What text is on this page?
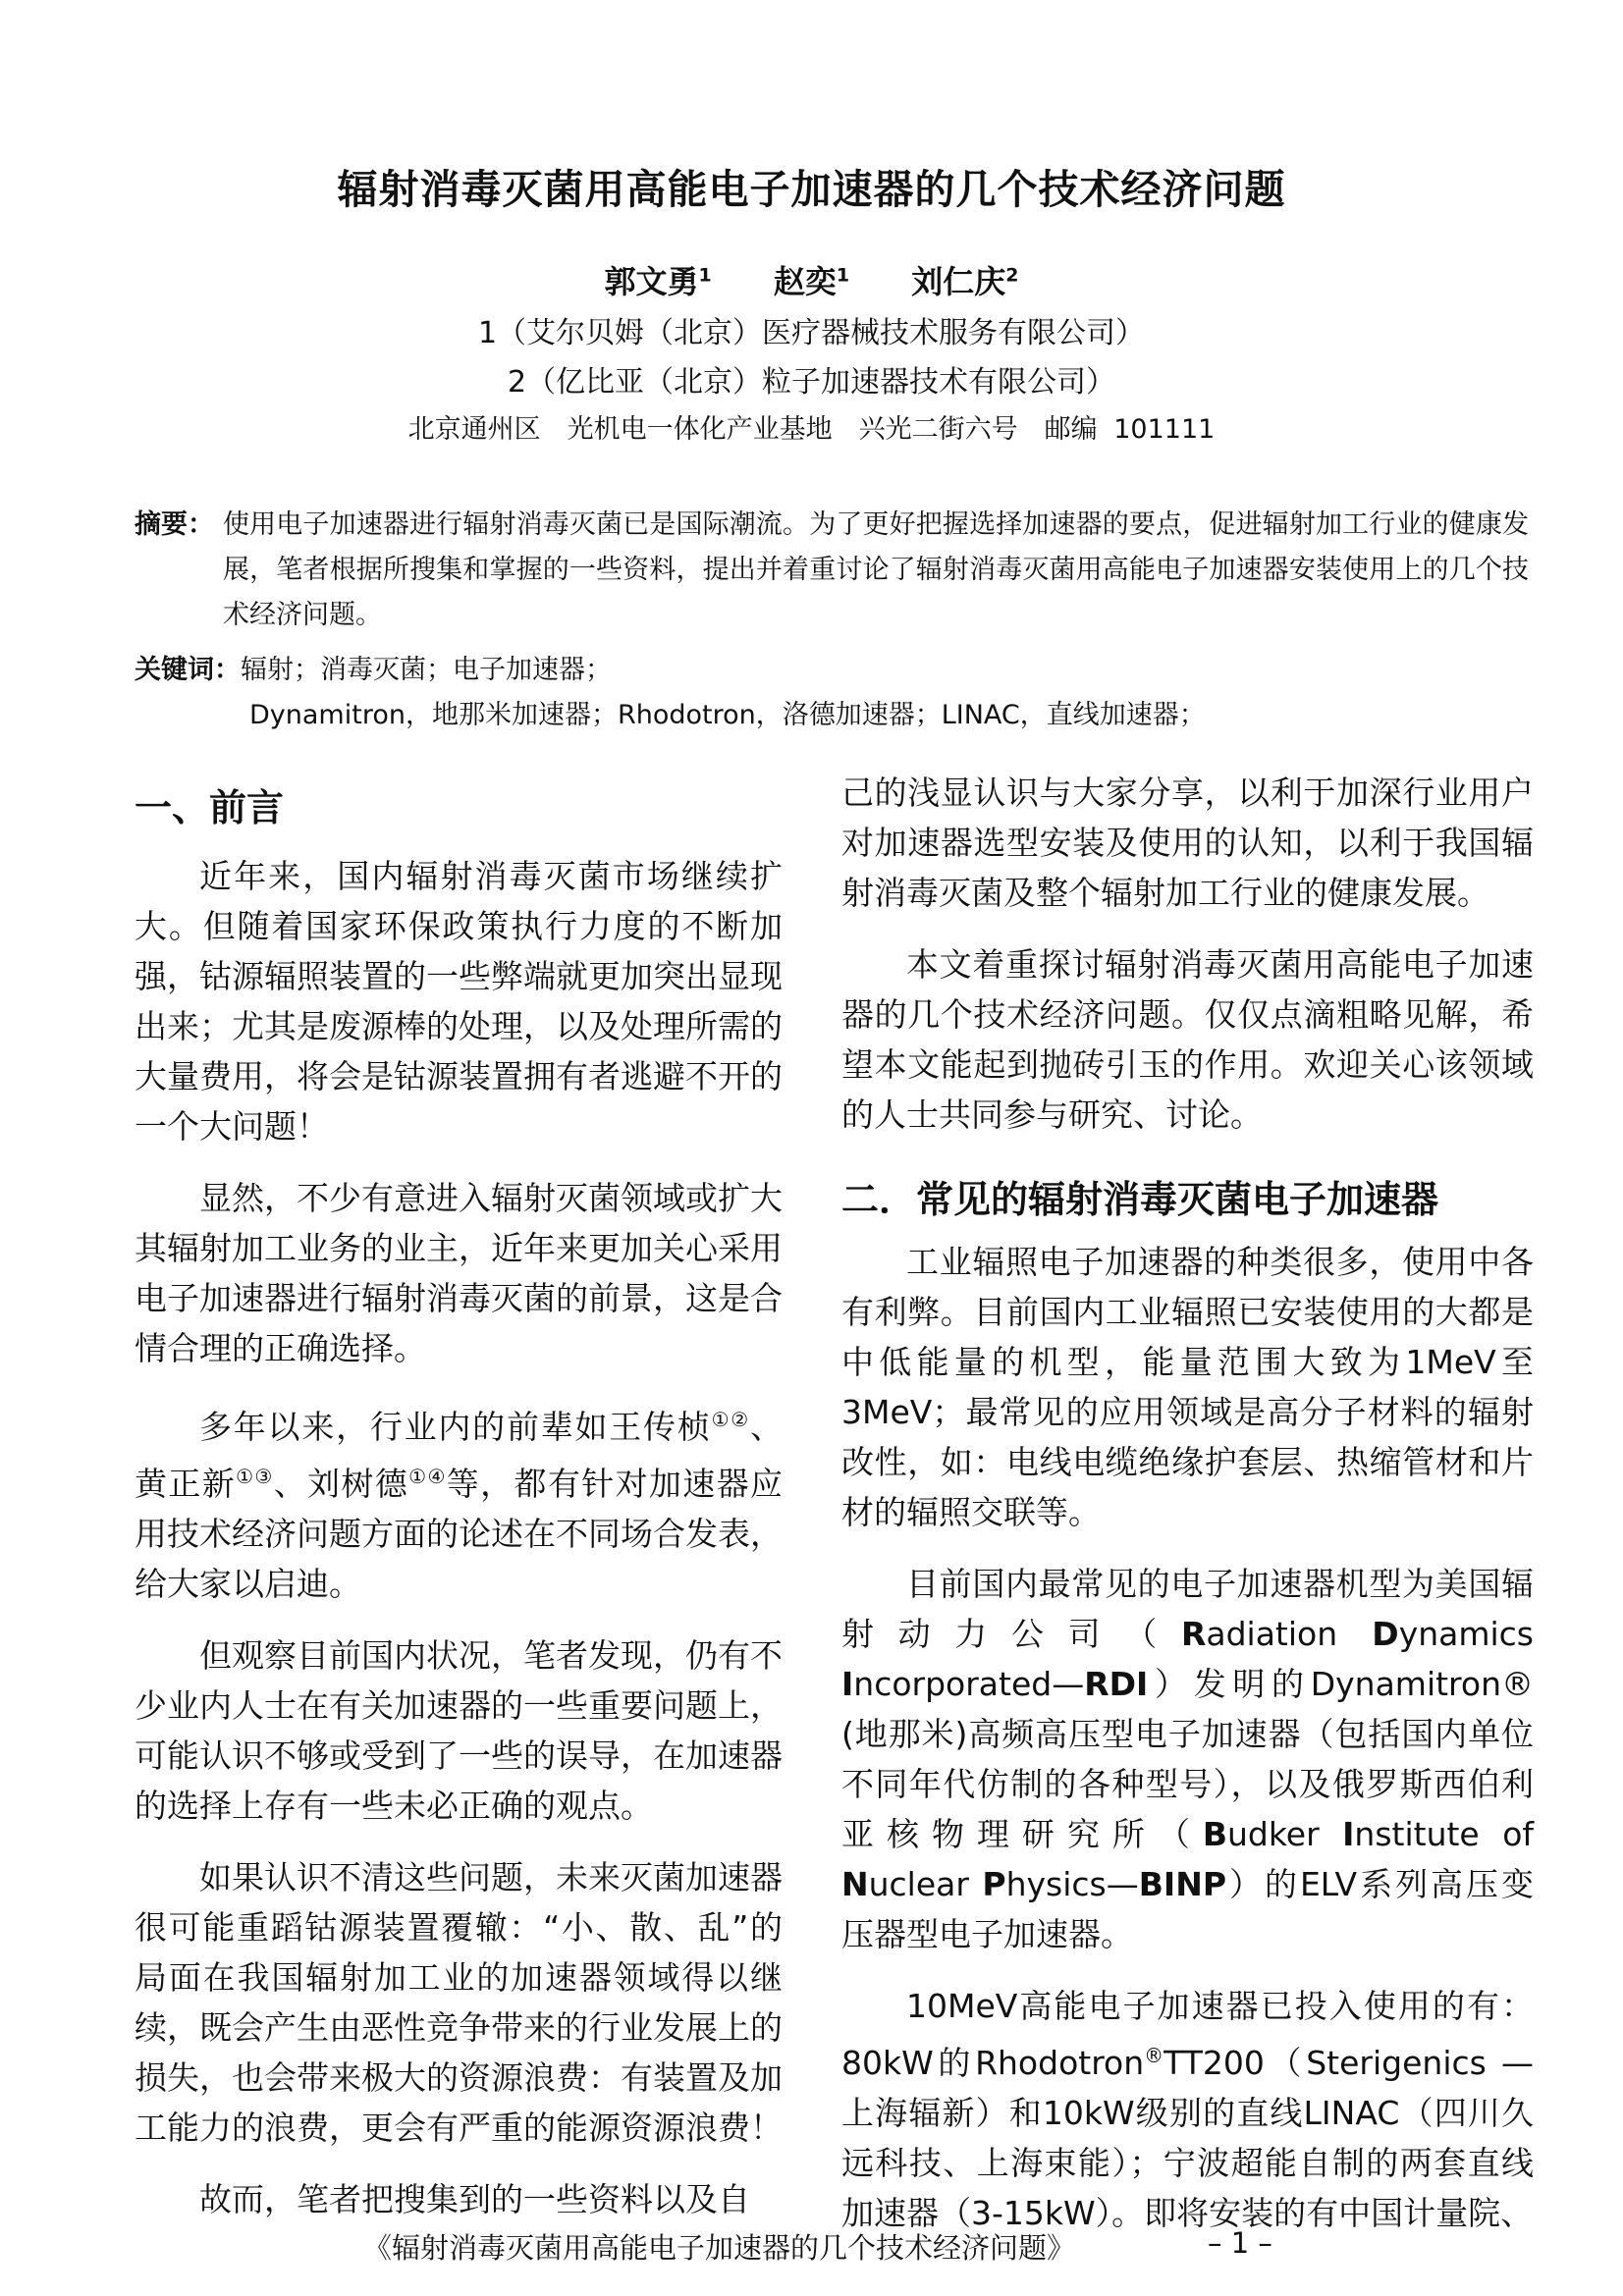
辐射消毒灭菌用高能电子加速器的几个技术经济问题
郭文勇$^1$ 赵奕$^1$ 刘仁庆$^2$
1（艾尔贝姆（北京）医疗器械技术服务有限公司）
2（亿比亚（北京）粒子加速器技术有限公司）
北京通州区　光机电一体化产业基地　兴光二街六号　邮编 101111
摘要： 使用电子加速器进行辐射消毒灭菌已是国际潮流。为了更好把握选择加速器的要点，促进辐射加工行业的健康发展，笔者根据所搜集和掌握的一些资料，提出并着重讨论了辐射消毒灭菌用高能电子加速器安装使用上的几个技术经济问题。
关键词：辐射；消毒灭菌；电子加速器；
Dynamitron，地那米加速器；Rhodotron，洛德加速器；LINAC，直线加速器；
一、前言

近年来，国内辐射消毒灭菌市场继续扩大。但随着国家环保政策执行力度的不断加强，钴源辐照装置的一些弊端就更加突出显现出来；尤其是废源棒的处理，以及处理所需的大量费用，将会是钴源装置拥有者逃避不开的一个大问题！

显然，不少有意进入辐射灭菌领域或扩大其辐射加工业务的业主，近年来更加关心采用电子加速器进行辐射消毒灭菌的前景，这是合情合理的正确选择。

多年以来，行业内的前辈如王传桢①②、黄正新①③、刘树德①④等，都有针对加速器应用技术经济问题方面的论述在不同场合发表，给大家以启迪。

但观察目前国内状况，笔者发现，仍有不少业内人士在有关加速器的一些重要问题上，可能认识不够或受到了一些的误导，在加速器的选择上存有一些未必正确的观点。

如果认识不清这些问题，未来灭菌加速器很可能重蹈钴源装置覆辙：“小、散、乱”的局面在我国辐射加工业的加速器领域得以继续，既会产生由恶性竞争带来的行业发展上的损失，也会带来极大的资源浪费：有装置及加工能力的浪费，更会有严重的能源资源浪费！

故而，笔者把搜集到的一些资料以及自

己的浅显认识与大家分享，以利于加深行业用户对加速器选型安装及使用的认知，以利于我国辐射消毒灭菌及整个辐射加工行业的健康发展。

本文着重探讨辐射消毒灭菌用高能电子加速器的几个技术经济问题。仅仅点滴粗略见解，希望本文能起到抛砖引玉的作用。欢迎关心该领域的人士共同参与研究、讨论。

二．常见的辐射消毒灭菌电子加速器

工业辐照电子加速器的种类很多，使用中各有利弊。目前国内工业辐照已安装使用的大都是中低能量的机型，能量范围大致为1MeV至3MeV；最常见的应用领域是高分子材料的辐射改性，如：电线电缆绝缘护套层、热缩管材和片材的辐照交联等。

目前国内最常见的电子加速器机型为美国辐射动力公司（Radiation Dynamics Incorporated—RDI）发明的Dynamitron® (地那米)高频高压型电子加速器（包括国内单位不同年代仿制的各种型号），以及俄罗斯西伯利亚核物理研究所（Budker Institute of Nuclear Physics—BINP）的ELV系列高压变压器型电子加速器。

10MeV高能电子加速器已投入使用的有：80kW的Rhodotron®TT200（Sterigenics —上海辐新）和10kW级别的直线LINAC（四川久远科技、上海束能）；宁波超能自制的两套直线加速器（3-15kW）。即将安装的有中国计量院、

《辐射消毒灭菌用高能电子加速器的几个技术经济问题》	– 1 –
